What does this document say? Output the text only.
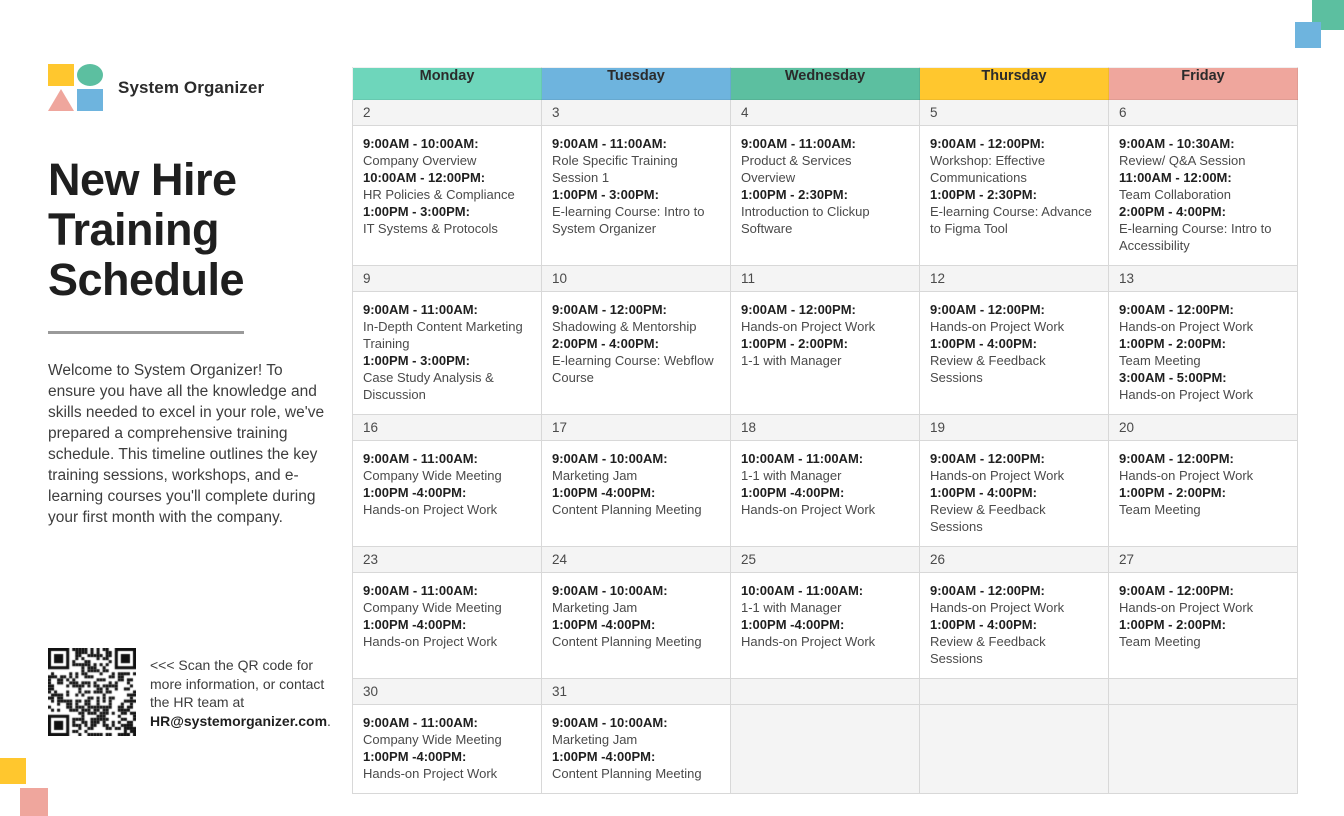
System Organizer
New Hire Training Schedule

Welcome to System Organizer! To ensure you have all the knowledge and skills needed to excel in your role, we've prepared a comprehensive training schedule. This timeline outlines the key training sessions, workshops, and e-learning courses you'll complete during your first month with the company.

<<< Scan the QR code for more information, or contact the HR team at HR@systemorganizer.com.
Monday	Tuesday	Wednesday	Thursday	Friday
2	3	4	5	6

9:00AM - 10:00AM:
Company Overview
10:00AM - 12:00PM:
HR Policies & Compliance
1:00PM - 3:00PM:
IT Systems & Protocols

9:00AM - 11:00AM:
Role Specific Training Session 1
1:00PM - 3:00PM:
E-learning Course: Intro to System Organizer

9:00AM - 11:00AM:
Product & Services Overview
1:00PM - 2:30PM:
Introduction to Clickup Software

9:00AM - 12:00PM:
Workshop: Effective Communications
1:00PM - 2:30PM:
E-learning Course: Advance to Figma Tool

9:00AM - 10:30AM:
Review/ Q&A Session
11:00AM - 12:00M:
Team Collaboration
2:00PM - 4:00PM:
E-learning Course: Intro to Accessibility

9	10	11	12	13

9:00AM - 11:00AM:
In-Depth Content Marketing Training
1:00PM - 3:00PM:
Case Study Analysis & Discussion

9:00AM - 12:00PM:
Shadowing & Mentorship
2:00PM - 4:00PM:
E-learning Course: Webflow Course

9:00AM - 12:00PM:
Hands-on Project Work
1:00PM - 2:00PM:
1-1 with Manager

9:00AM - 12:00PM:
Hands-on Project Work
1:00PM - 4:00PM:
Review & Feedback Sessions

9:00AM - 12:00PM:
Hands-on Project Work
1:00PM - 2:00PM:
Team Meeting
3:00AM - 5:00PM:
Hands-on Project Work

16	17	18	19	20

9:00AM - 11:00AM:
Company Wide Meeting
1:00PM -4:00PM:
Hands-on Project Work	9:00AM - 10:00AM:
Marketing Jam
1:00PM -4:00PM:
Content Planning Meeting	10:00AM - 11:00AM:
1-1 with Manager
1:00PM -4:00PM:
Hands-on Project Work	9:00AM - 12:00PM:
Hands-on Project Work
1:00PM - 4:00PM:
Review & Feedback Sessions	9:00AM - 12:00PM:
Hands-on Project Work
1:00PM - 2:00PM:
Team Meeting

23	24	25	26	27

9:00AM - 11:00AM:
Company Wide Meeting
1:00PM -4:00PM:
Hands-on Project Work	9:00AM - 10:00AM:
Marketing Jam
1:00PM -4:00PM:
Content Planning Meeting	10:00AM - 11:00AM:
1-1 with Manager
1:00PM -4:00PM:
Hands-on Project Work	9:00AM - 12:00PM:
Hands-on Project Work
1:00PM - 4:00PM:
Review & Feedback Sessions	9:00AM - 12:00PM:
Hands-on Project Work
1:00PM - 2:00PM:
Team Meeting

30	31			

9:00AM - 11:00AM:
Company Wide Meeting
1:00PM -4:00PM:
Hands-on Project Work	9:00AM - 10:00AM:
Marketing Jam
1:00PM -4:00PM:
Content Planning Meeting			
